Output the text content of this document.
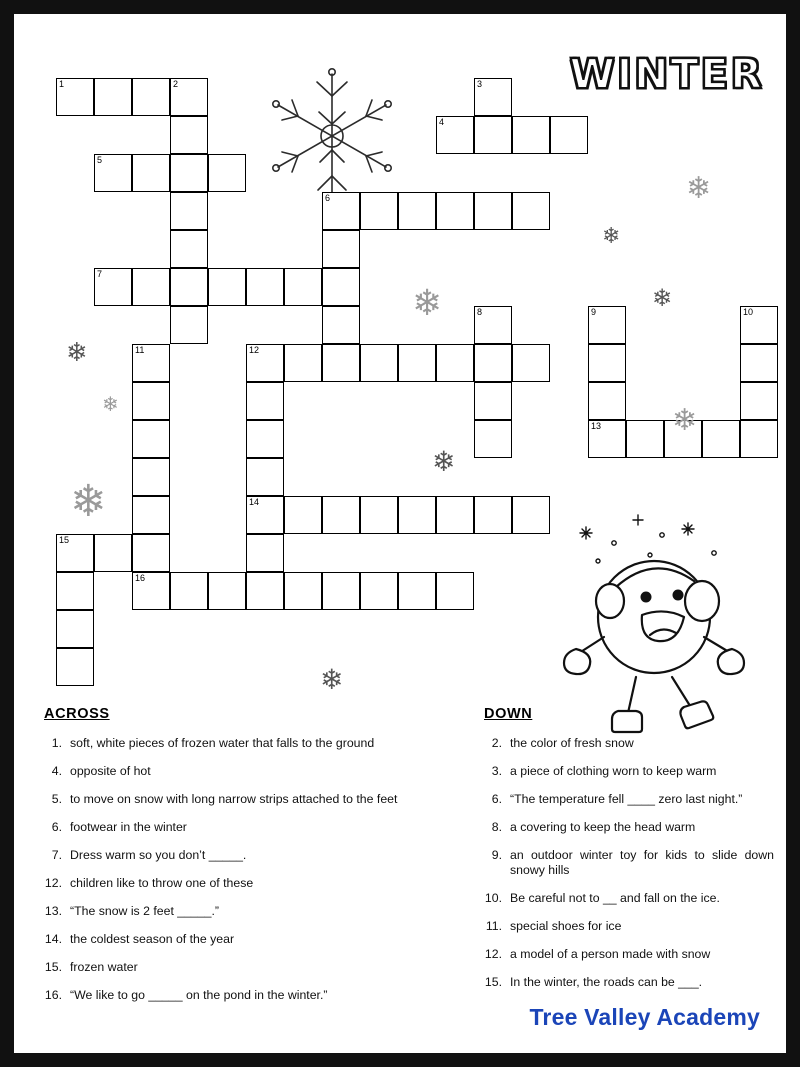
WINTER
1	2	3
4
5
6
7
8	9
13
10
11	12
14
15
16
❄
❄
❄	❄
❄
❄	❄
❄
❄
❄
ACROSS
1. soft, white pieces of frozen water that falls to the ground
4. opposite of hot
5. to move on snow with long narrow strips attached to the feet
6. footwear in the winter
7. Dress warm so you don’t _____.
12. children like to throw one of these
13. “The snow is 2 feet _____.”
14. the coldest season of the year
15. frozen water
16. “We like to go _____ on the pond in the winter.”
DOWN
2. the color of fresh snow
3. a piece of clothing worn to keep warm
6. “The temperature fell ____ zero last night.”
8. a covering to keep the head warm
9. an outdoor winter toy for kids to slide down snowy hills
10. Be careful not to __ and fall on the ice.
11. special shoes for ice
12. a model of a person made with snow
15. In the winter, the roads can be ___.
Tree Valley Academy
